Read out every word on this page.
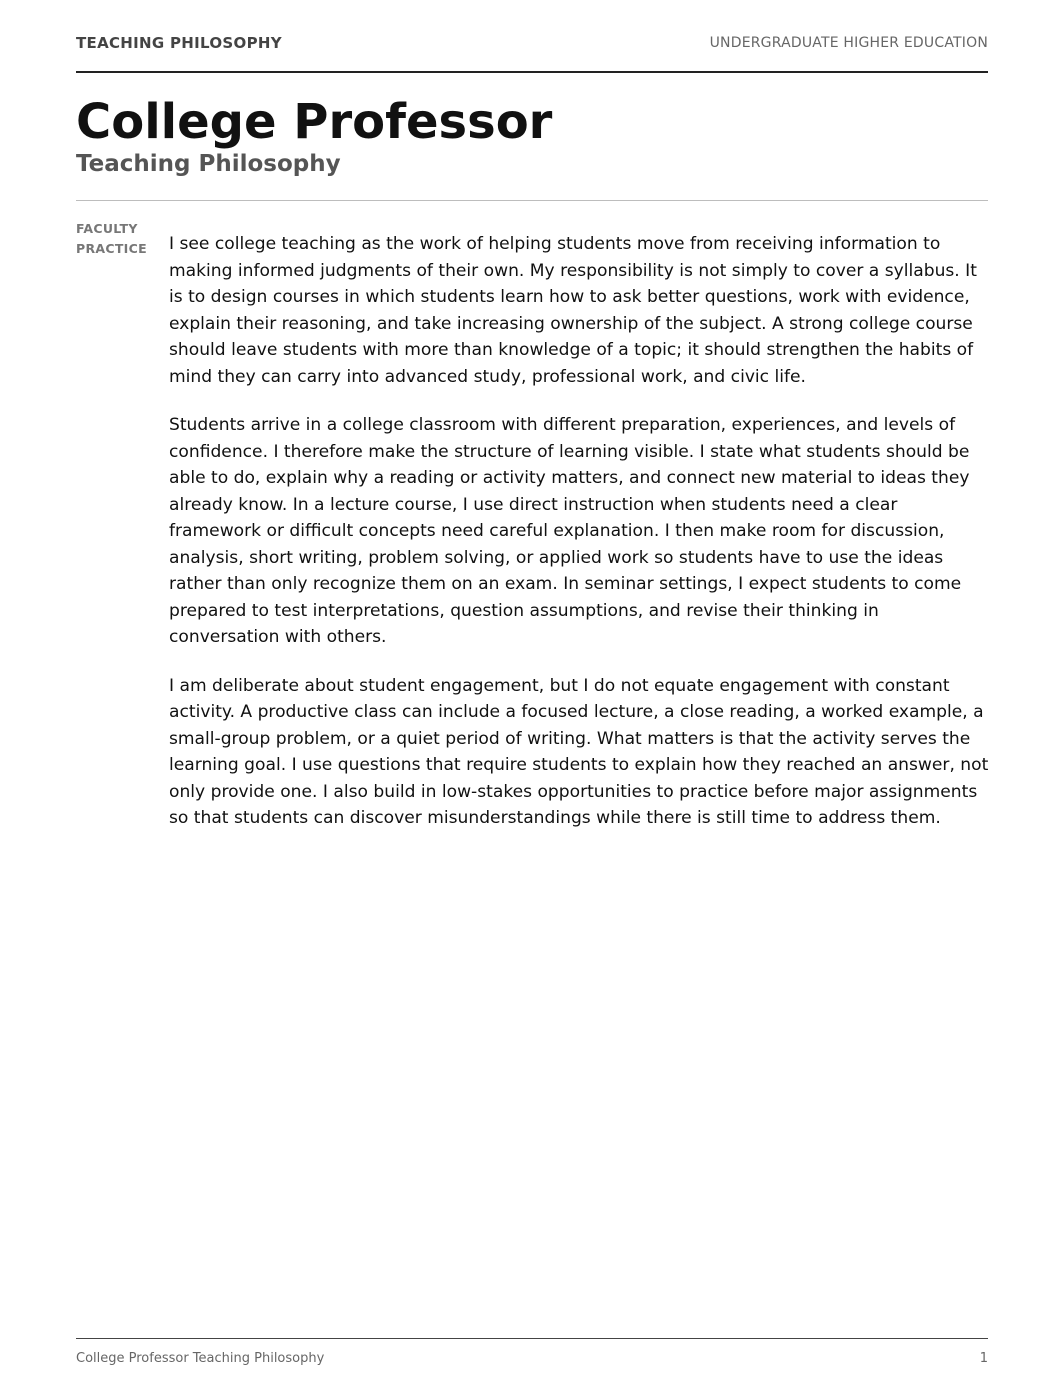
TEACHING PHILOSOPHY	UNDERGRADUATE HIGHER EDUCATION
College Professor
Teaching Philosophy
FACULTY
PRACTICE	I see college teaching as the work of helping students move from receiving information to making informed judgments of their own. My responsibility is not simply to cover a syllabus. It is to design courses in which students learn how to ask better questions, work with evidence, explain their reasoning, and take increasing ownership of the subject. A strong college course should leave students with more than knowledge of a topic; it should strengthen the habits of mind they can carry into advanced study, professional work, and civic life.

Students arrive in a college classroom with different preparation, experiences, and levels of confidence. I therefore make the structure of learning visible. I state what students should be able to do, explain why a reading or activity matters, and connect new material to ideas they already know. In a lecture course, I use direct instruction when students need a clear framework or difficult concepts need careful explanation. I then make room for discussion, analysis, short writing, problem solving, or applied work so students have to use the ideas rather than only recognize them on an exam. In seminar settings, I expect students to come prepared to test interpretations, question assumptions, and revise their thinking in conversation with others.

I am deliberate about student engagement, but I do not equate engagement with constant activity. A productive class can include a focused lecture, a close reading, a worked example, a small-group problem, or a quiet period of writing. What matters is that the activity serves the learning goal. I use questions that require students to explain how they reached an answer, not only provide one. I also build in low-stakes opportunities to practice before major assignments so that students can discover misunderstandings while there is still time to address them.

College Professor Teaching Philosophy	1
